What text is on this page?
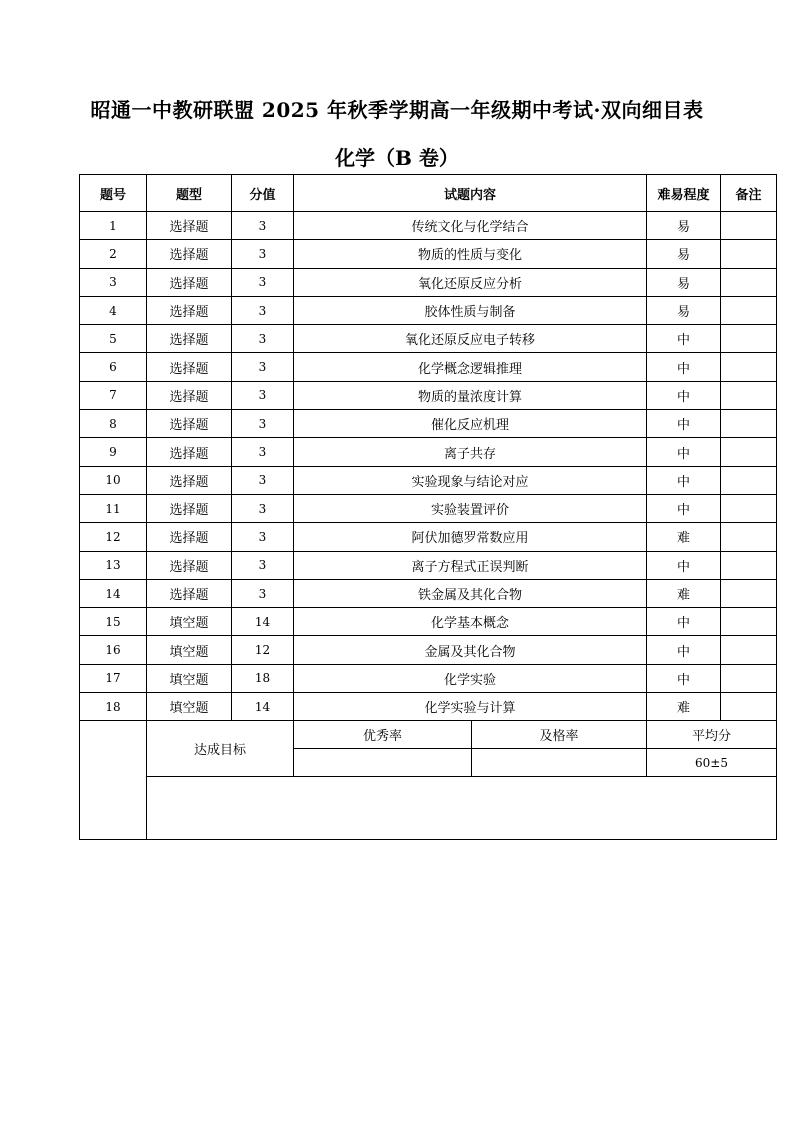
昭通一中教研联盟 2025 年秋季学期高一年级期中考试·双向细目表
化学（B 卷）
题号	题型	分值	试题内容		难易程度	备注
1	选择题	3	传统文化与化学结合		易	
2	选择题	3	物质的性质与变化		易	
3	选择题	3	氧化还原反应分析		易	
4	选择题	3	胶体性质与制备		易	
5	选择题	3	氧化还原反应电子转移		中	
6	选择题	3	化学概念逻辑推理		中	
7	选择题	3	物质的量浓度计算		中	
8	选择题	3	催化反应机理		中	
9	选择题	3	离子共存		中	
10	选择题	3	实验现象与结论对应		中	
11	选择题	3	实验装置评价		中	
12	选择题	3	阿伏加德罗常数应用		难	
13	选择题	3	离子方程式正误判断		中	
14	选择题	3	铁金属及其化合物		难	
15	填空题	14	化学基本概念		中	
16	填空题	12	金属及其化合物		中	
17	填空题	18	化学实验		中	
18	填空题	14	化学实验与计算		难	
	达成目标		优秀率	及格率	平均分	
					60±5	
